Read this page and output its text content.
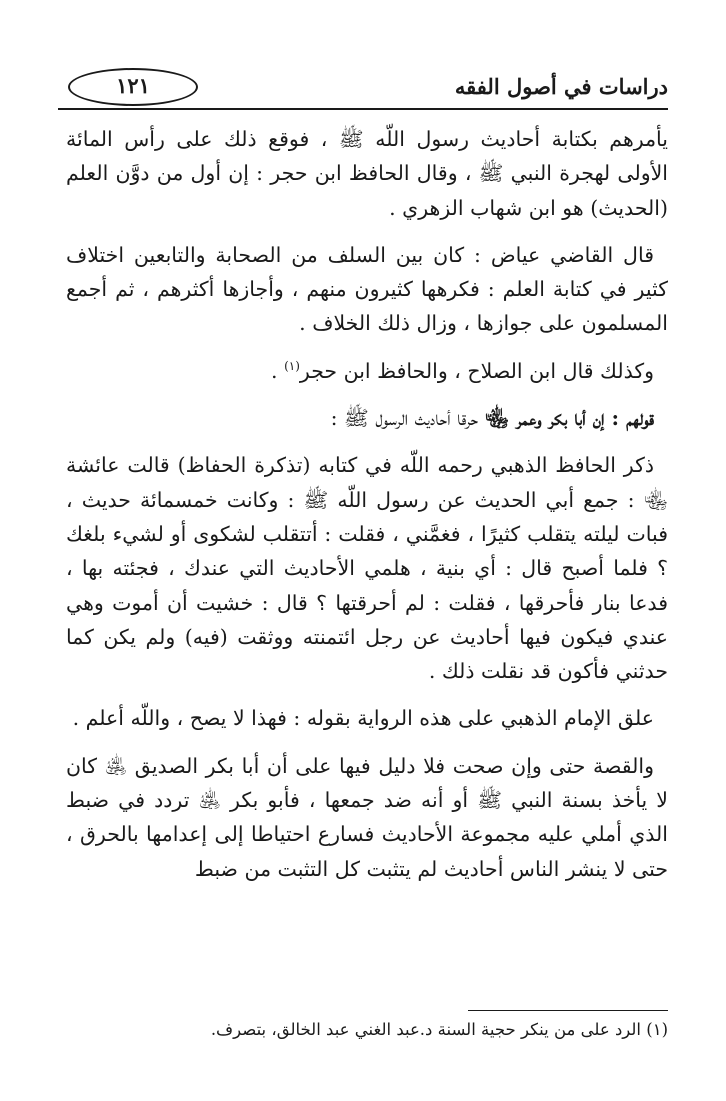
دراسات في أصول الفقه
١٢١

يأمرهم بكتابة أحاديث رسول اللّه ﷺ ، فوقع ذلك على رأس المائة الأولى لهجرة النبي ﷺ ، وقال الحافظ ابن حجر : إن أول من دوَّن العلم (الحديث) هو ابن شهاب الزهري .

قال القاضي عياض : كان بين السلف من الصحابة والتابعين اختلاف كثير في كتابة العلم : فكرهها كثيرون منهم ، وأجازها أكثرهم ، ثم أجمع المسلمون على جوازها ، وزال ذلك الخلاف .

وكذلك قال ابن الصلاح ، والحافظ ابن حجر$^{(١)}$ .

قولهم : إن أبا بكر وعمر ﵄ حرقا أحاديث الرسول ﷺ :

ذكر الحافظ الذهبي رحمه اللّه في كتابه (تذكرة الحفاظ) قالت عائشة ﵄ : جمع أبي الحديث عن رسول اللّه ﷺ : وكانت خمسمائة حديث ، فبات ليلته يتقلب كثيرًا ، فغمَّني ، فقلت : أتتقلب لشكوى أو لشيء بلغك ؟ فلما أصبح قال : أي بنية ، هلمي الأحاديث التي عندك ، فجئته بها ، فدعا بنار فأحرقها ، فقلت : لم أحرقتها ؟ قال : خشيت أن أموت وهي عندي فيكون فيها أحاديث عن رجل ائتمنته ووثقت (فيه) ولم يكن كما حدثني فأكون قد نقلت ذلك .

علق الإمام الذهبي على هذه الرواية بقوله : فهذا لا يصح ، واللّه أعلم .

والقصة حتى وإن صحت فلا دليل فيها على أن أبا بكر الصديق ﵁ كان لا يأخذ بسنة النبي ﷺ أو أنه ضد جمعها ، فأبو بكر ﵁ تردد في ضبط الذي أملي عليه مجموعة الأحاديث فسارع احتياطا إلى إعدامها بالحرق ، حتى لا ينشر الناس أحاديث لم يتثبت كل التثبت من ضبط

(١) الرد على من ينكر حجية السنة د.عبد الغني عبد الخالق، بتصرف.
